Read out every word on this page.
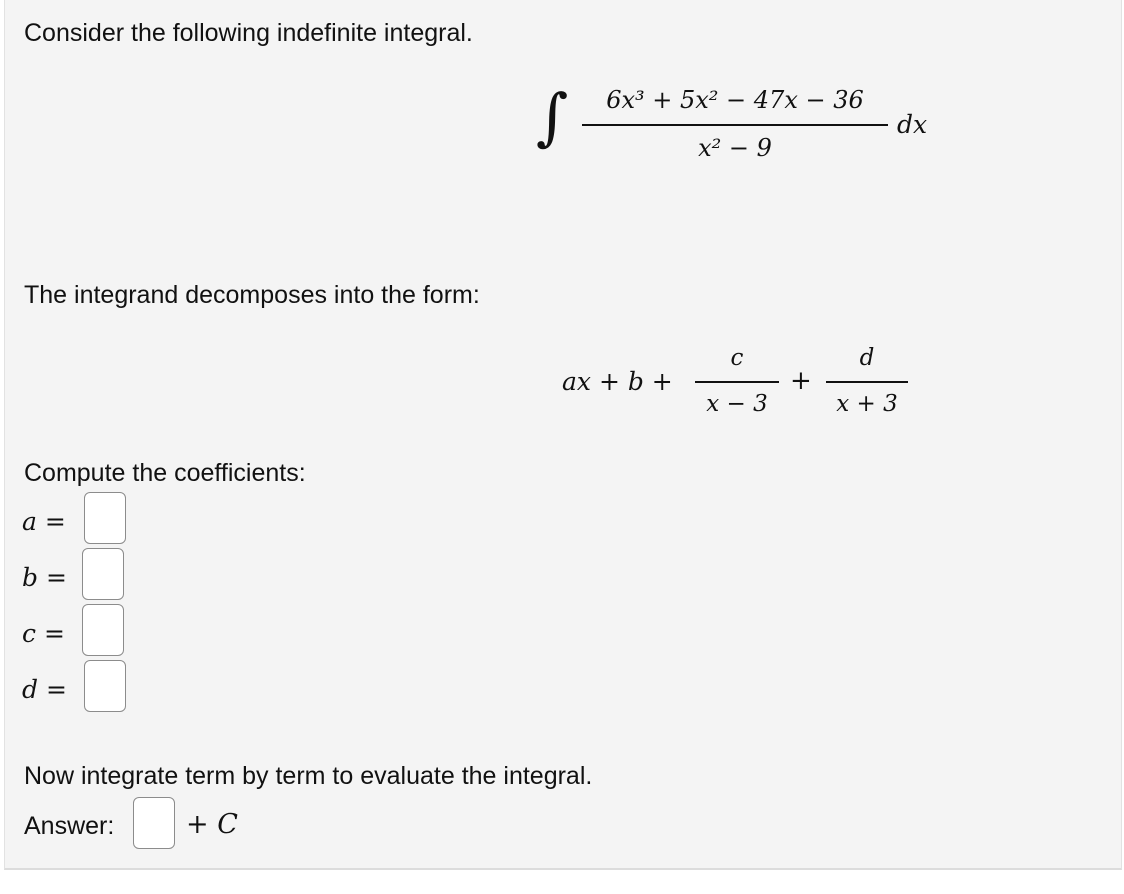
Consider the following indefinite integral.
∫	6x³ + 5x² − 47x − 36
x² − 9
dx
The integrand decomposes into the form:
ax + b +
c
x − 3
+
d
x + 3
Compute the coefficients:
a =
b =
c =
d =
Now integrate term by term to evaluate the integral.
Answer:	+ C
